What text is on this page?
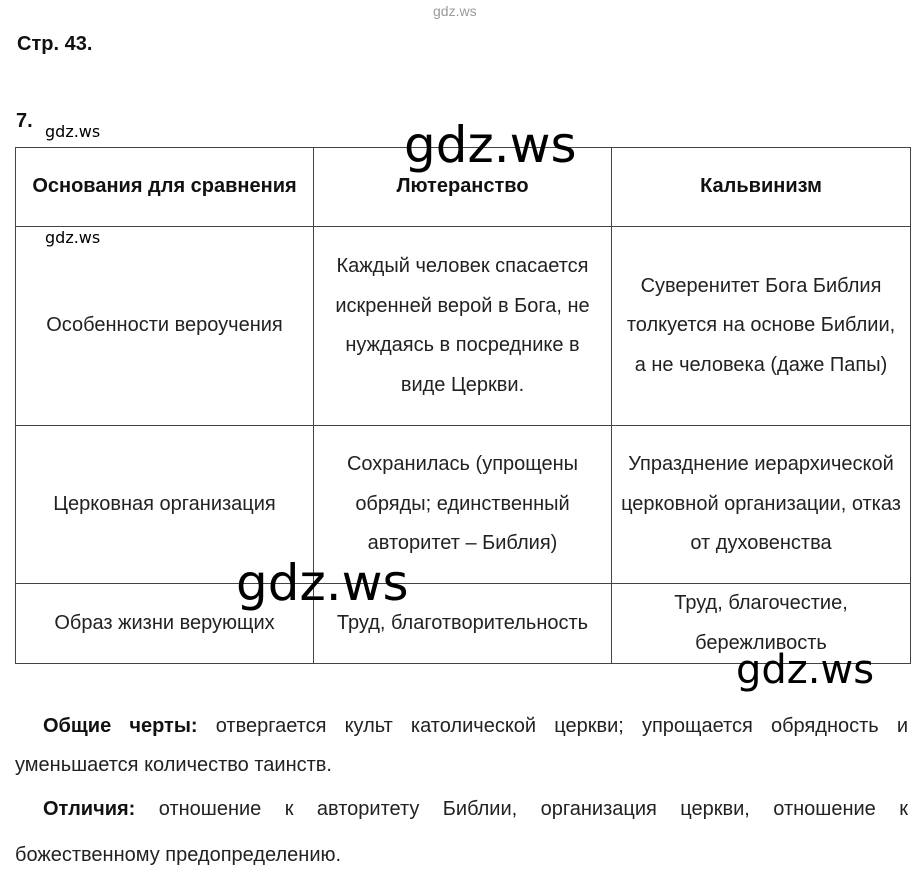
gdz.ws
Стр. 43.
7.
Основания для сравнения	Лютеранство	Кальвинизм
Особенности вероучения	Каждый человек спасается искренней верой в Бога, не нуждаясь в посреднике в виде Церкви.	Суверенитет Бога Библия толкуется на основе Библии, а не человека (даже Папы)
Церковная организация	Сохранилась (упрощены обряды; единственный авторитет – Библия)	Упразднение иерархической церковной организации, отказ от духовенства
Образ жизни верующих	Труд, благотворительность	Труд, благочестие, бережливость
gdz.ws
gdz.ws
gdz.ws
gdz.ws
gdz.ws
Общие черты: отвергается культ католической церкви; упрощается обрядность и уменьшается количество таинств.
Отличия: отношение к авторитету Библии, организация церкви, отношение к божественному предопределению.
